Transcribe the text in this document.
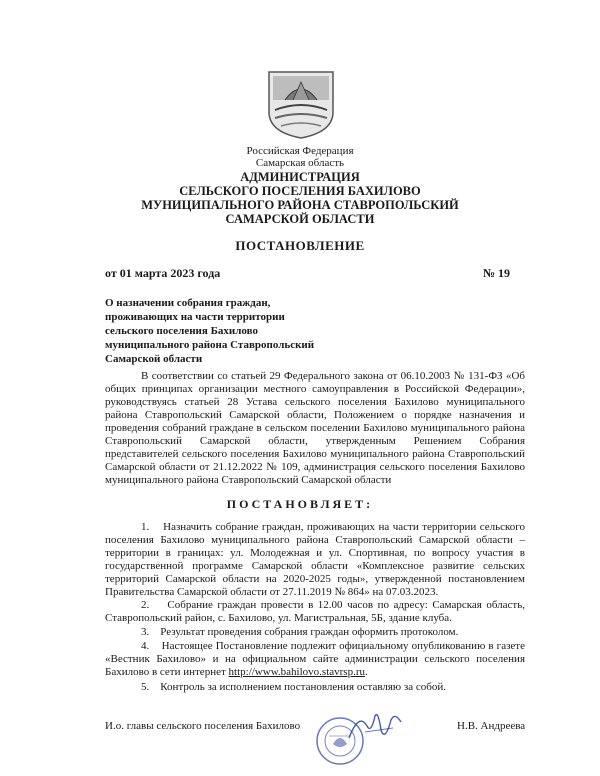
Российская Федерация
Самарская область
АДМИНИСТРАЦИЯ
СЕЛЬСКОГО ПОСЕЛЕНИЯ БАХИЛОВО
МУНИЦИПАЛЬНОГО РАЙОНА СТАВРОПОЛЬСКИЙ
САМАРСКОЙ ОБЛАСТИ
ПОСТАНОВЛЕНИЕ
от 01 марта 2023 года	№ 19
О назначении собрания граждан,
проживающих на части территории
сельского поселения Бахилово
муниципального района Ставропольский
Самарской области
В соответствии со статьей 29 Федерального закона от 06.10.2003 № 131-ФЗ «Об общих принципах организации местного самоуправления в Российской Федерации», руководствуясь статьей 28 Устава сельского поселения Бахилово муниципального района Ставропольский Самарской области, Положением о порядке назначения и проведения собраний граждане в сельском поселении Бахилово муниципального района Ставропольский Самарской области, утвержденным Решением Собрания представителей сельского поселения Бахилово муниципального района Ставропольский Самарской области от 21.12.2022 № 109, администрация сельского поселения Бахилово муниципального района Ставропольский Самарской области
ПОСТАНОВЛЯЕТ:
1. Назначить собрание граждан, проживающих на части территории сельского поселения Бахилово муниципального района Ставропольский Самарской области – территории в границах: ул. Молодежная и ул. Спортивная, по вопросу участия в государственной программе Самарской области «Комплексное развитие сельских территорий Самарской области на 2020-2025 годы», утвержденной постановлением Правительства Самарской области от 27.11.2019 № 864» на 07.03.2023.
2. Собрание граждан провести в 12.00 часов по адресу: Самарская область, Ставропольский район, с. Бахилово, ул. Магистральная, 5Б, здание клуба.
3. Результат проведения собрания граждан оформить протоколом.
4. Настоящее Постановление подлежит официальному опубликованию в газете «Вестник Бахилово» и на официальном сайте администрации сельского поселения Бахилово в сети интернет http://www.bahilovo.stavrsp.ru.
5. Контроль за исполнением постановления оставляю за собой.
И.о. главы сельского поселения Бахилово	Н.В. Андреева
